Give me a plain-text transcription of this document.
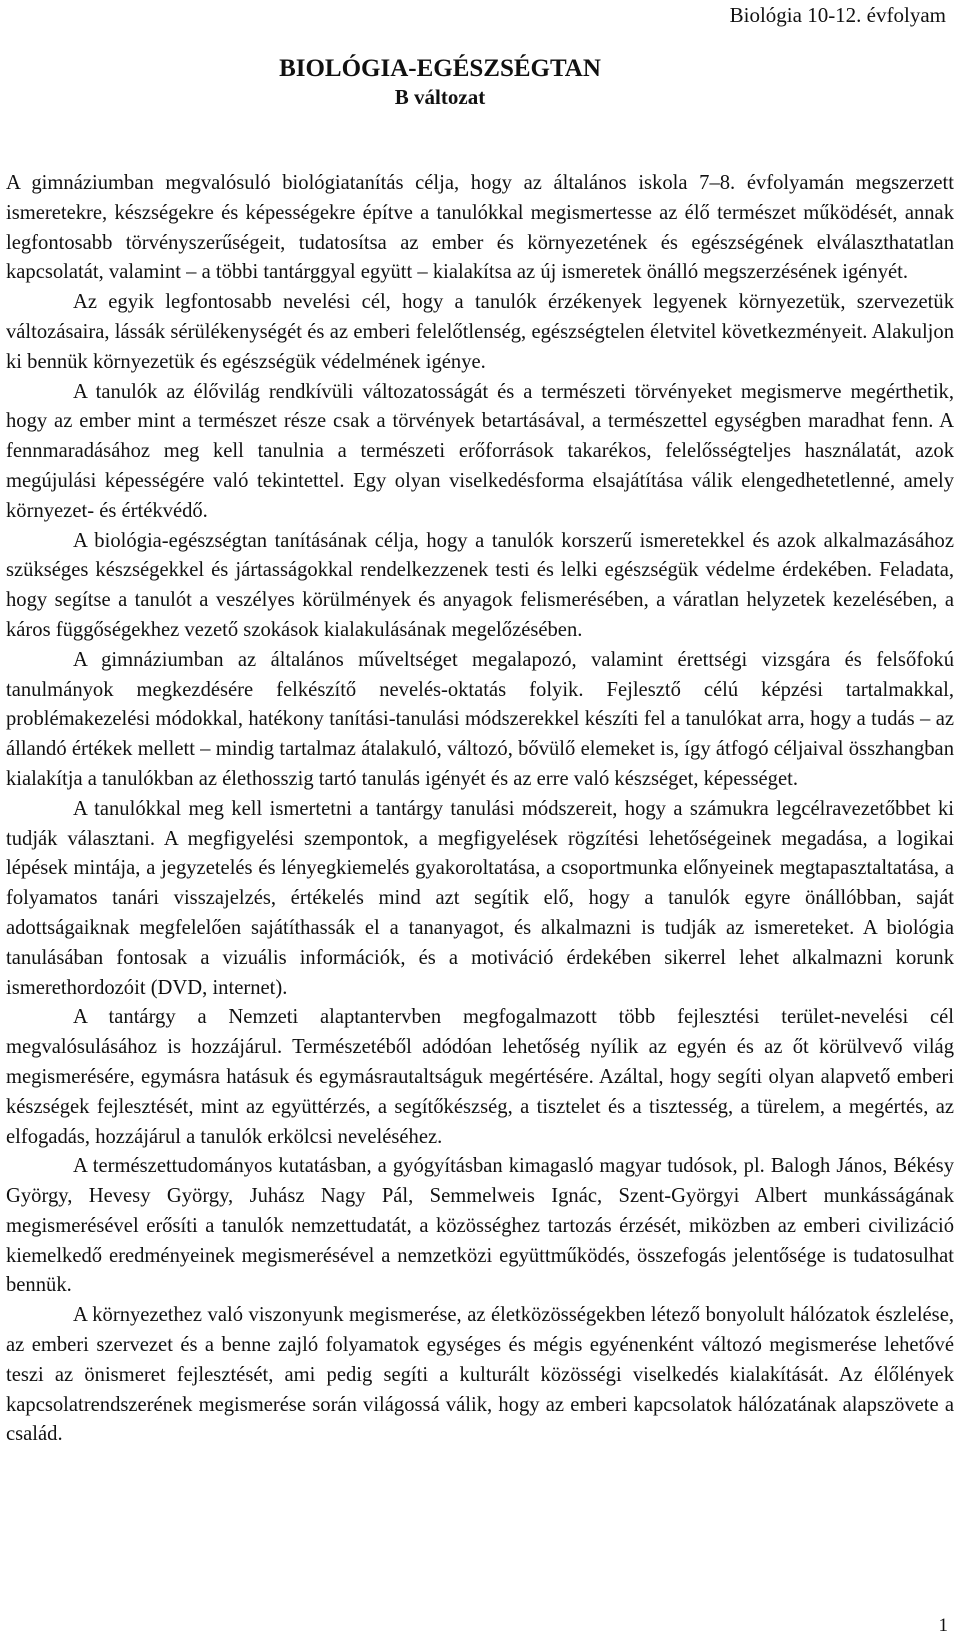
Biológia 10-12. évfolyam
BIOLÓGIA-EGÉSZSÉGTAN
B változat

A gimnáziumban megvalósuló biológiatanítás célja, hogy az általános iskola 7–8. évfolyamán megszerzett ismeretekre, készségekre és képességekre építve a tanulókkal megismertesse az élő természet működését, annak legfontosabb törvényszerűségeit, tudatosítsa az ember és környezetének és egészségének elválaszthatatlan kapcsolatát, valamint – a többi tantárggyal együtt – kialakítsa az új ismeretek önálló megszerzésének igényét.

Az egyik legfontosabb nevelési cél, hogy a tanulók érzékenyek legyenek környezetük, szervezetük változásaira, lássák sérülékenységét és az emberi felelőtlenség, egészségtelen életvitel következményeit. Alakuljon ki bennük környezetük és egészségük védelmének igénye.

A tanulók az élővilág rendkívüli változatosságát és a természeti törvényeket megismerve megérthetik, hogy az ember mint a természet része csak a törvények betartásával, a természettel egységben maradhat fenn. A fennmaradásához meg kell tanulnia a természeti erőforrások takarékos, felelősségteljes használatát, azok megújulási képességére való tekintettel. Egy olyan viselkedésforma elsajátítása válik elengedhetetlenné, amely környezet- és értékvédő.

A biológia-egészségtan tanításának célja, hogy a tanulók korszerű ismeretekkel és azok alkalmazásához szükséges készségekkel és jártasságokkal rendelkezzenek testi és lelki egészségük védelme érdekében. Feladata, hogy segítse a tanulót a veszélyes körülmények és anyagok felismerésében, a váratlan helyzetek kezelésében, a káros függőségekhez vezető szokások kialakulásának megelőzésében.

A gimnáziumban az általános műveltséget megalapozó, valamint érettségi vizsgára és felsőfokú tanulmányok megkezdésére felkészítő nevelés-oktatás folyik. Fejlesztő célú képzési tartalmakkal, problémakezelési módokkal, hatékony tanítási-tanulási módszerekkel készíti fel a tanulókat arra, hogy a tudás – az állandó értékek mellett – mindig tartalmaz átalakuló, változó, bővülő elemeket is, így átfogó céljaival összhangban kialakítja a tanulókban az élethosszig tartó tanulás igényét és az erre való készséget, képességet.

A tanulókkal meg kell ismertetni a tantárgy tanulási módszereit, hogy a számukra legcélravezetőbbet ki tudják választani. A megfigyelési szempontok, a megfigyelések rögzítési lehetőségeinek megadása, a logikai lépések mintája, a jegyzetelés és lényegkiemelés gyakoroltatása, a csoportmunka előnyeinek megtapasztaltatása, a folyamatos tanári visszajelzés, értékelés mind azt segítik elő, hogy a tanulók egyre önállóbban, saját adottságaiknak megfelelően sajátíthassák el a tananyagot, és alkalmazni is tudják az ismereteket. A biológia tanulásában fontosak a vizuális információk, és a motiváció érdekében sikerrel lehet alkalmazni korunk ismerethordozóit (DVD, internet).

A tantárgy a Nemzeti alaptantervben megfogalmazott több fejlesztési terület-nevelési cél megvalósulásához is hozzájárul. Természetéből adódóan lehetőség nyílik az egyén és az őt körülvevő világ megismerésére, egymásra hatásuk és egymásrautaltságuk megértésére. Azáltal, hogy segíti olyan alapvető emberi készségek fejlesztését, mint az együttérzés, a segítőkészség, a tisztelet és a tisztesség, a türelem, a megértés, az elfogadás, hozzájárul a tanulók erkölcsi neveléséhez.

A természettudományos kutatásban, a gyógyításban kimagasló magyar tudósok, pl. Balogh János, Békésy György, Hevesy György, Juhász Nagy Pál, Semmelweis Ignác, Szent-Györgyi Albert munkásságának megismerésével erősíti a tanulók nemzettudatát, a közösséghez tartozás érzését, miközben az emberi civilizáció kiemelkedő eredményeinek megismerésével a nemzetközi együttműködés, összefogás jelentősége is tudatosulhat bennük.

A környezethez való viszonyunk megismerése, az életközösségekben létező bonyolult hálózatok észlelése, az emberi szervezet és a benne zajló folyamatok egységes és mégis egyénenként változó megismerése lehetővé teszi az önismeret fejlesztését, ami pedig segíti a kulturált közösségi viselkedés kialakítását. Az élőlények kapcsolatrendszerének megismerése során világossá válik, hogy az emberi kapcsolatok hálózatának alapszövete a család.

1
